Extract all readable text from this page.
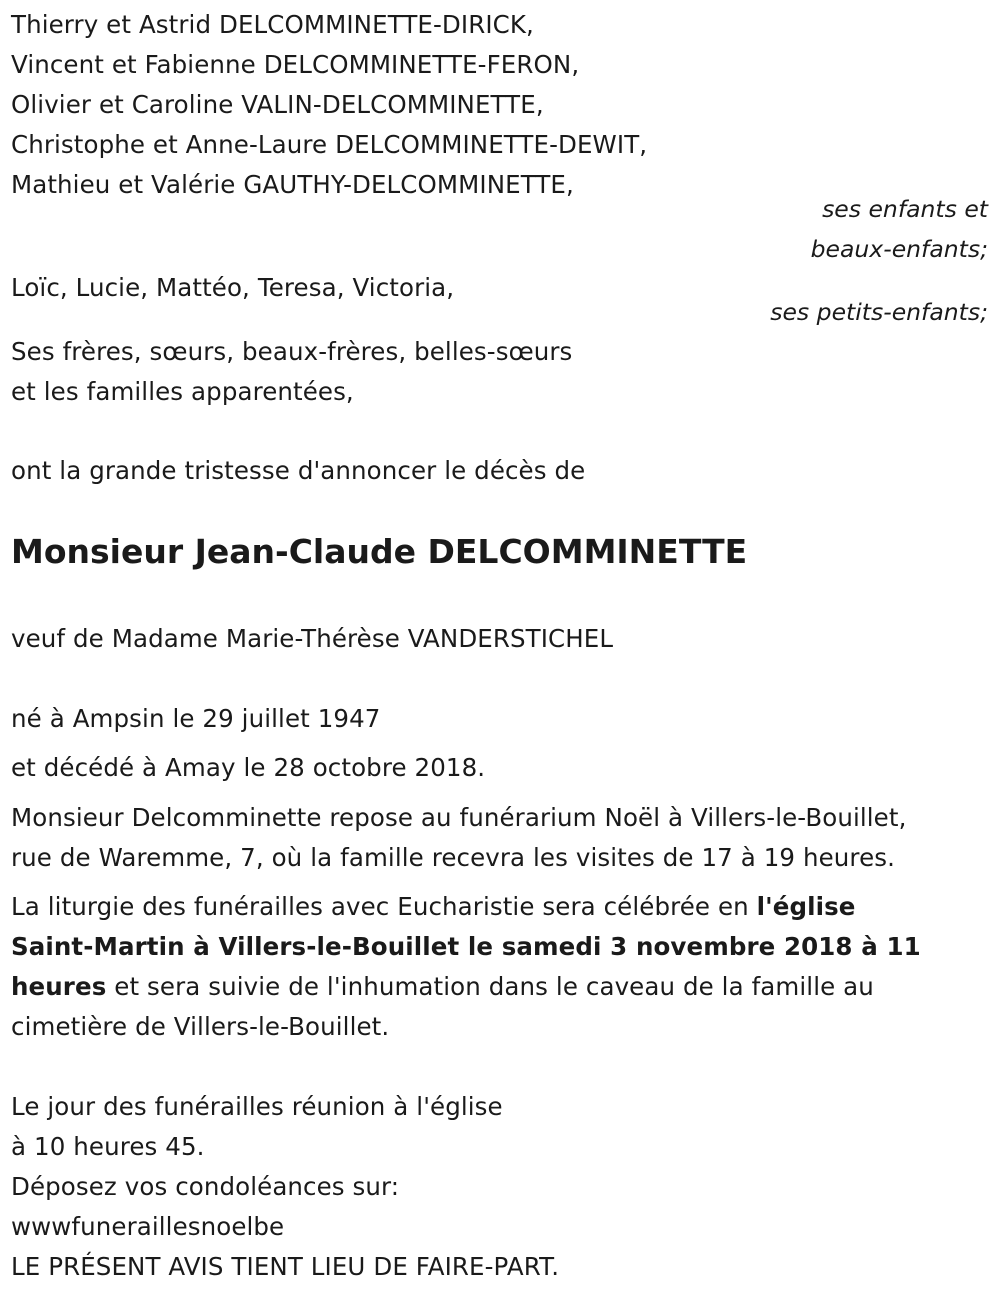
Thierry et Astrid DELCOMMINETTE-DIRICK,
Vincent et Fabienne DELCOMMINETTE-FERON,
Olivier et Caroline VALIN-DELCOMMINETTE,
Christophe et Anne-Laure DELCOMMINETTE-DEWIT,
Mathieu et Valérie GAUTHY-DELCOMMINETTE,
ses enfants et
beaux-enfants;
Loïc, Lucie, Mattéo, Teresa, Victoria,
ses petits-enfants;
Ses frères, sœurs, beaux-frères, belles-sœurs
et les familles apparentées,
ont la grande tristesse d'annoncer le décès de
Monsieur Jean-Claude DELCOMMINETTE
veuf de Madame Marie-Thérèse VANDERSTICHEL
né à Ampsin le 29 juillet 1947
et décédé à Amay le 28 octobre 2018.
Monsieur Delcomminette repose au funérarium Noël à Villers-le-Bouillet,
rue de Waremme, 7, où la famille recevra les visites de 17 à 19 heures.
La liturgie des funérailles avec Eucharistie sera célébrée en l'église
Saint-Martin à Villers-le-Bouillet le samedi 3 novembre 2018 à 11
heures et sera suivie de l'inhumation dans le caveau de la famille au
cimetière de Villers-le-Bouillet.
Le jour des funérailles réunion à l'église
à 10 heures 45.
Déposez vos condoléances sur:
wwwfuneraillesnoelbe
LE PRÉSENT AVIS TIENT LIEU DE FAIRE-PART.
